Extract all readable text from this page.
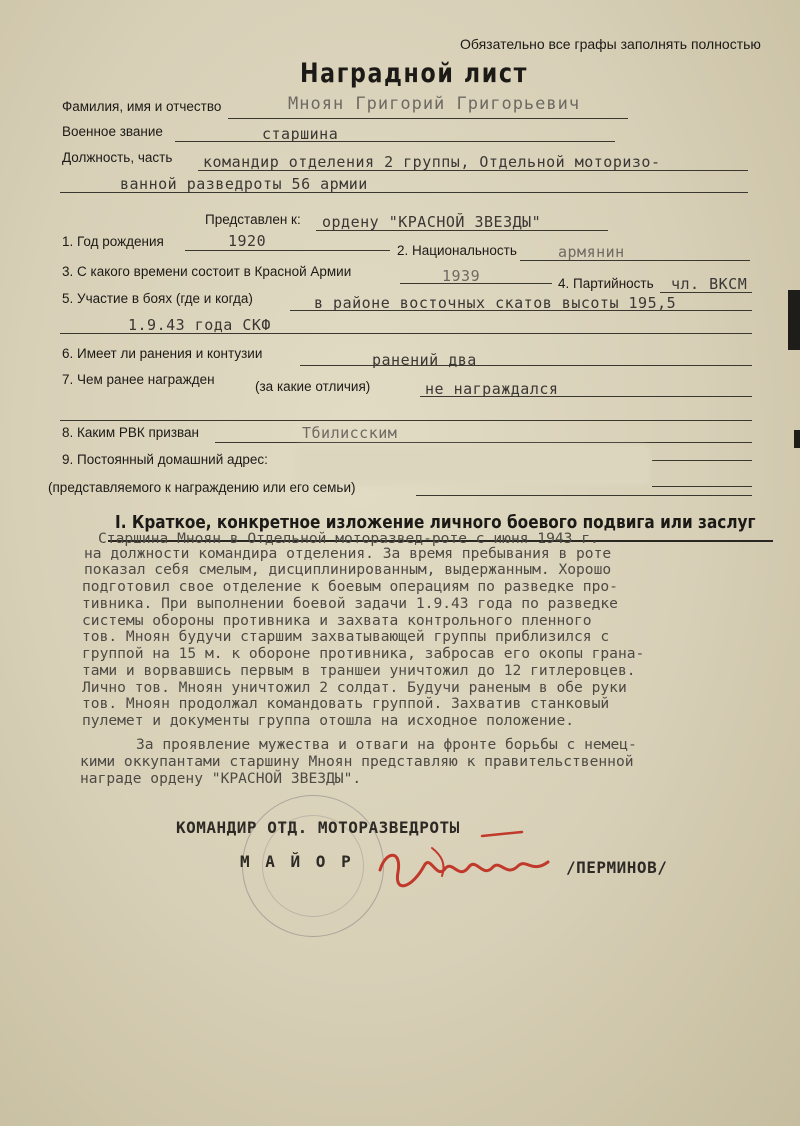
Обязательно все графы заполнять полностью
Наградной лист
Фамилия, имя и отчество	Мноян Григорий Григорьевич
Военное звание	старшина
Должность, часть командир отделения 2 группы, Отдельной моторизо-
ванной разведроты 56 армии
Представлен к: ордену "КРАСНОЙ ЗВЕЗДЫ"
1. Год рождения	1920
2. Национальность	армянин
3. С какого времени состоит в Красной Армии	1939	4. Партийность чл. ВКСМ
5. Участие в боях (где и когда)	в районе восточных скатов высоты 195,5
1.9.43 года СКФ
6. Имеет ли ранения и контузии	ранений два
7. Чем ранее награжден	(за какие отличия)	не награждался
8. Каким РВК призван	Тбилисским
9. Постоянный домашний адрес:
(представляемого к награждению или его семьи)
I. Краткое, конкретное изложение личного боевого подвига или заслуг
Старшина Мноян в Отдельной моторазвед-роте с июня 1943 г.
на должности командира отделения. За время пребывания в роте
показал себя смелым, дисциплинированным, выдержанным. Хорошо
подготовил свое отделение к боевым операциям по разведке про-
тивника. При выполнении боевой задачи 1.9.43 года по разведке
системы обороны противника и захвата контрольного пленного
тов. Мноян будучи старшим захватывающей группы приблизился с
группой на 15 м. к обороне противника, забросав его окопы грана-
тами и ворвавшись первым в траншеи уничтожил до 12 гитлеровцев.
Лично тов. Мноян уничтожил 2 солдат. Будучи раненым в обе руки
тов. Мноян продолжал командовать группой. Захватив станковый
пулемет и документы группа отошла на исходное положение.
За проявление мужества и отваги на фронте борьбы с немец-
кими оккупантами старшину Мноян представляю к правительственной
награде ордену "КРАСНОЙ ЗВЕЗДЫ".
КОМАНДИР ОТД. МОТОРАЗВЕДРОТЫ
М А Й О Р	/ПЕРМИНОВ/
